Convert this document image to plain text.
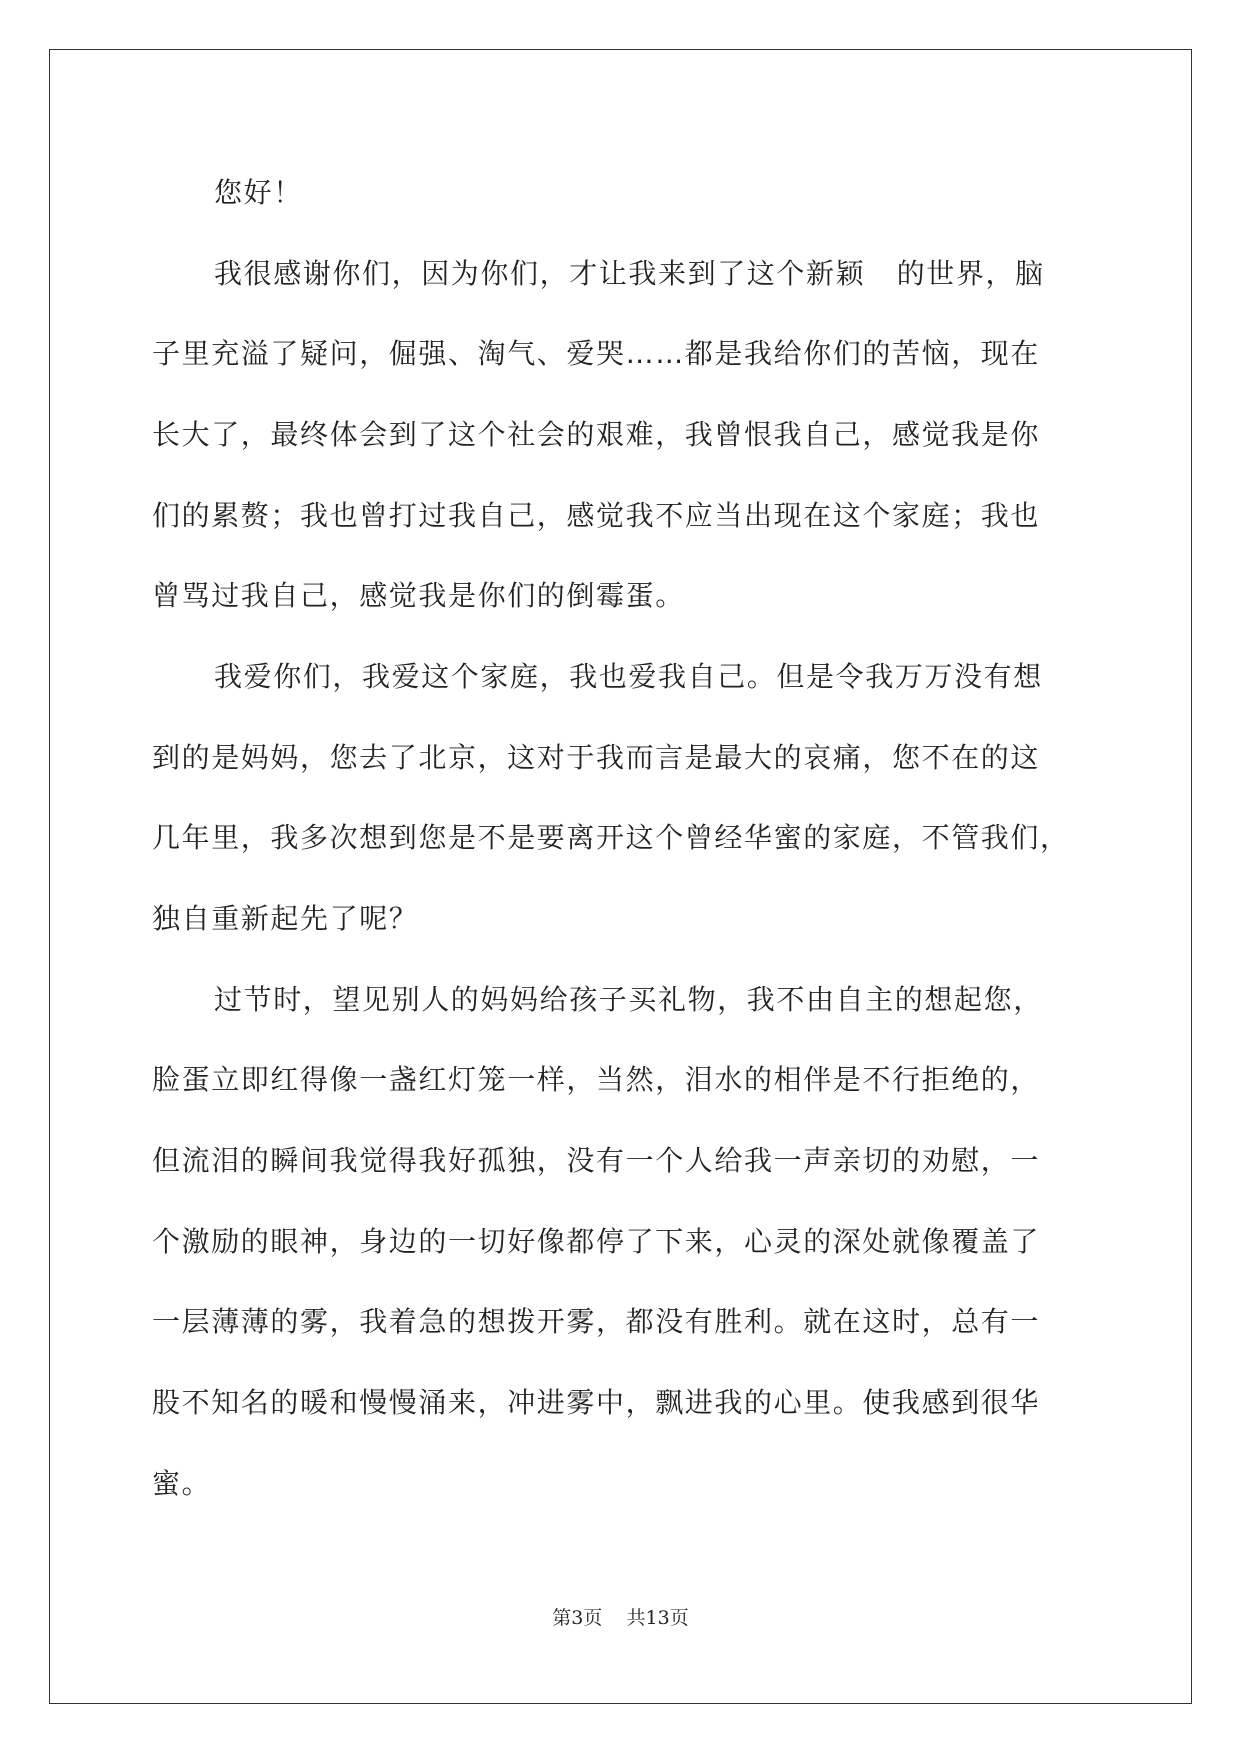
您好！
我很感谢你们，因为你们，才让我来到了这个新颖   的世界，脑
子里充溢了疑问，倔强、淘气、爱哭……都是我给你们的苦恼，现在
长大了，最终体会到了这个社会的艰难，我曾恨我自己，感觉我是你
们的累赘；我也曾打过我自己，感觉我不应当出现在这个家庭；我也
曾骂过我自己，感觉我是你们的倒霉蛋。
我爱你们，我爱这个家庭，我也爱我自己。但是令我万万没有想
到的是妈妈，您去了北京，这对于我而言是最大的哀痛，您不在的这
几年里，我多次想到您是不是要离开这个曾经华蜜的家庭，不管我们，
独自重新起先了呢？
过节时，望见别人的妈妈给孩子买礼物，我不由自主的想起您，
脸蛋立即红得像一盏红灯笼一样，当然，泪水的相伴是不行拒绝的，
但流泪的瞬间我觉得我好孤独，没有一个人给我一声亲切的劝慰，一
个激励的眼神，身边的一切好像都停了下来，心灵的深处就像覆盖了
一层薄薄的雾，我着急的想拨开雾，都没有胜利。就在这时，总有一
股不知名的暖和慢慢涌来，冲进雾中，飘进我的心里。使我感到很华
蜜。
第3页 共13页
